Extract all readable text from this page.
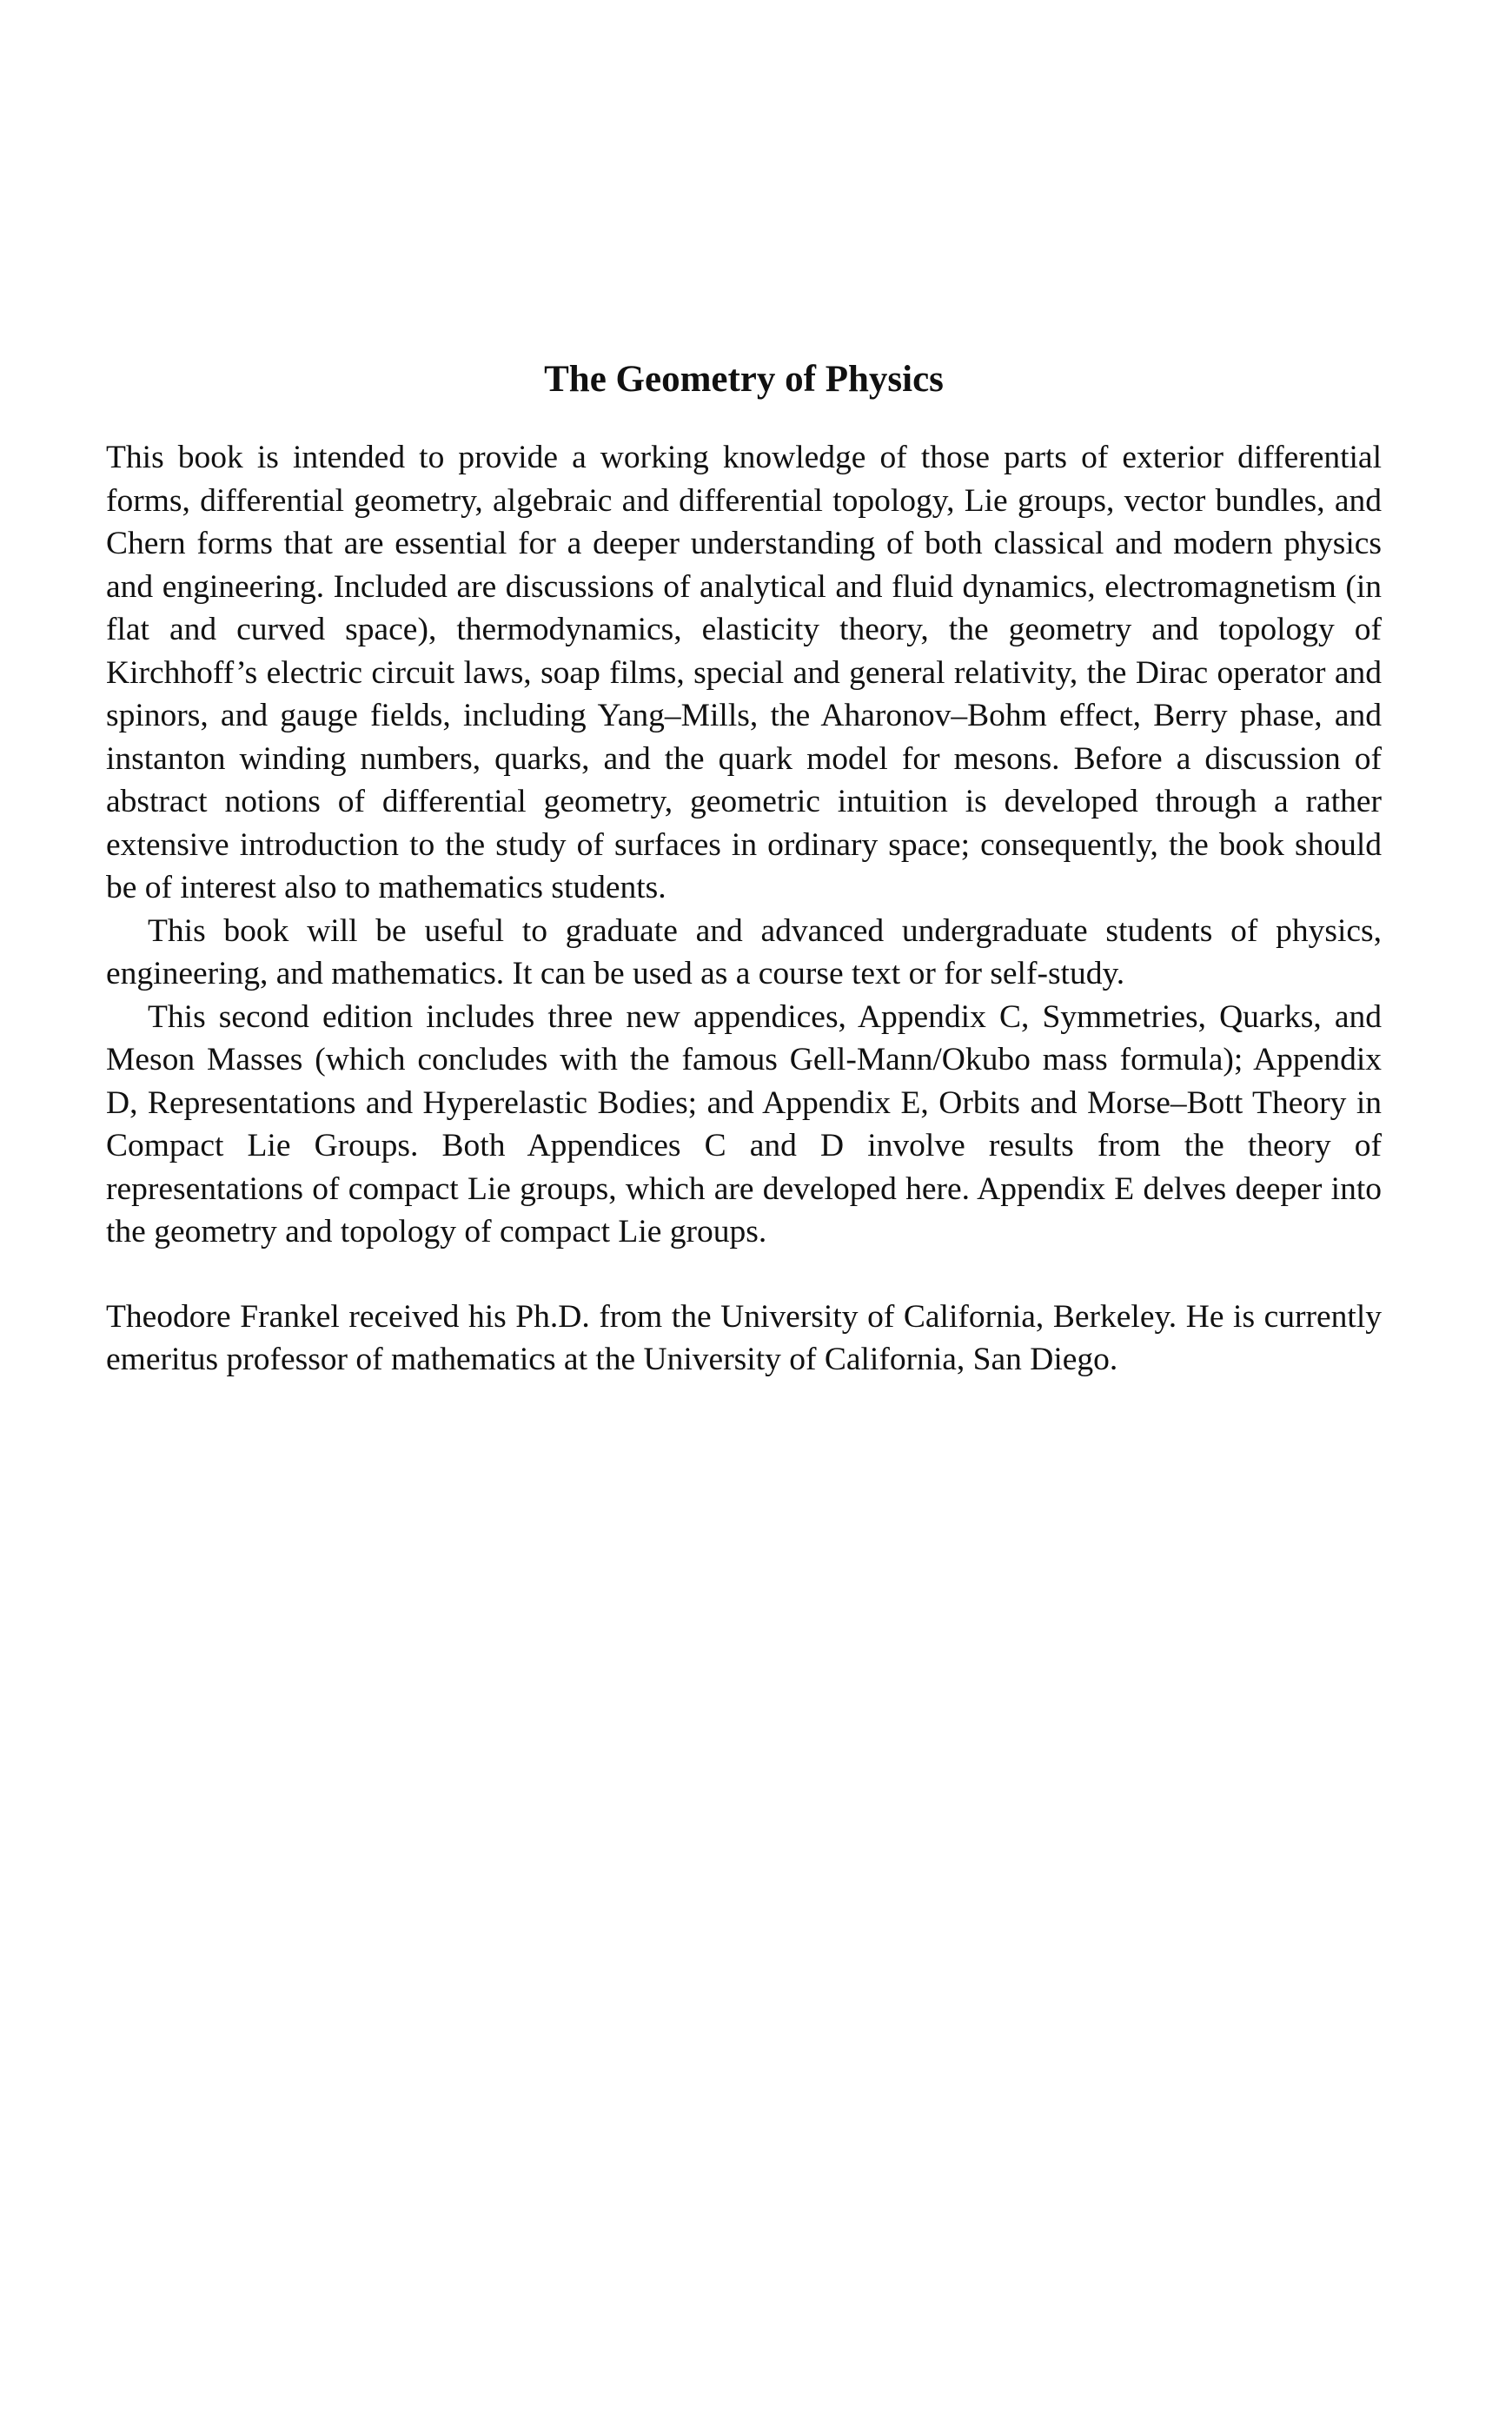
The Geometry of Physics

This book is intended to provide a working knowledge of those parts of exterior differential forms, differential geometry, algebraic and differential topology, Lie groups, vector bundles, and Chern forms that are essential for a deeper understanding of both classical and modern physics and engineering. Included are discussions of analytical and fluid dynamics, electromagnetism (in flat and curved space), thermodynamics, elasticity theory, the geometry and topology of Kirchhoff’s electric circuit laws, soap films, special and general relativity, the Dirac operator and spinors, and gauge fields, including Yang–Mills, the Aharonov–Bohm effect, Berry phase, and instanton winding numbers, quarks, and the quark model for mesons. Before a discussion of abstract notions of differential geometry, geometric intuition is developed through a rather extensive introduction to the study of surfaces in ordinary space; consequently, the book should be of interest also to mathematics students.

This book will be useful to graduate and advanced undergraduate students of physics, engineering, and mathematics. It can be used as a course text or for self-study.

This second edition includes three new appendices, Appendix C, Symmetries, Quarks, and Meson Masses (which concludes with the famous Gell-Mann/Okubo mass formula); Appendix D, Representations and Hyperelastic Bodies; and Appendix E, Orbits and Morse–Bott Theory in Compact Lie Groups. Both Appendices C and D involve results from the theory of representations of compact Lie groups, which are developed here. Appendix E delves deeper into the geometry and topology of compact Lie groups.

Theodore Frankel received his Ph.D. from the University of California, Berkeley. He is currently emeritus professor of mathematics at the University of California, San Diego.
